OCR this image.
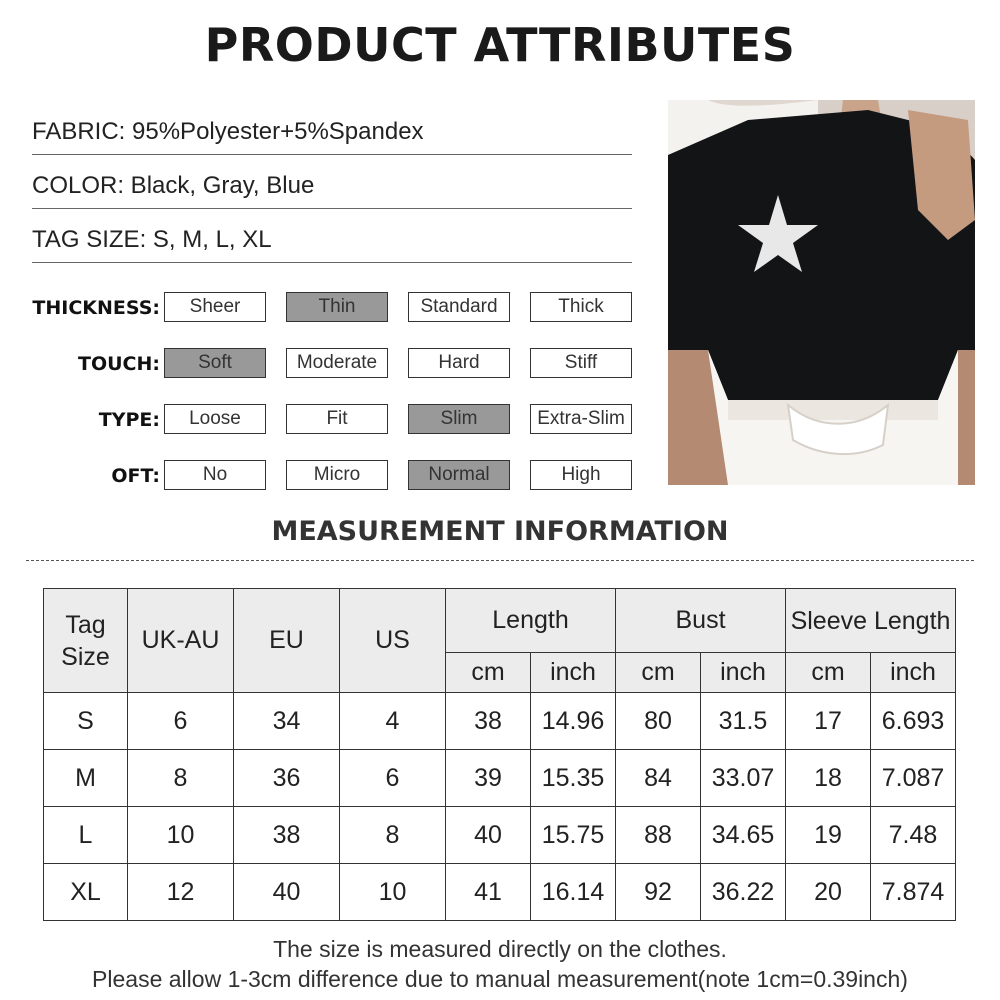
PRODUCT ATTRIBUTES
FABRIC: 95%Polyester+5%Spandex
COLOR: Black, Gray, Blue
TAG SIZE: S, M, L, XL
THICKNESS:	Sheer	Thin	Standard	Thick
TOUCH:	Soft	Moderate	Hard	Stiff
TYPE:	Loose	Fit	Slim	Extra-Slim
OFT:	No	Micro	Normal	High
MEASUREMENT INFORMATION
Tag Size	UK-AU	EU	US	Length		Bust		Sleeve Length	
				cm	inch	cm	inch	cm	inch
S	6	34	4	38	14.96	80	31.5	17	6.693
M	8	36	6	39	15.35	84	33.07	18	7.087
L	10	38	8	40	15.75	88	34.65	19	7.48
XL	12	40	10	41	16.14	92	36.22	20	7.874
The size is measured directly on the clothes.
Please allow 1-3cm difference due to manual measurement(note 1cm=0.39inch)
